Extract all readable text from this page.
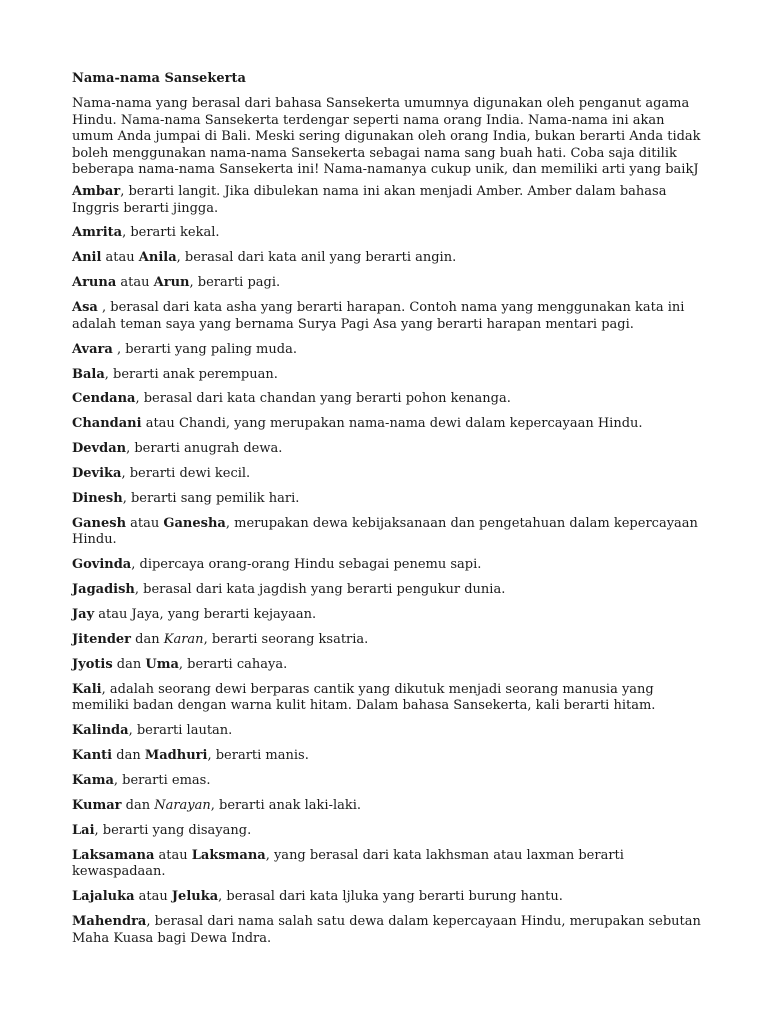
Nama-nama Sansekerta

Nama-nama yang berasal dari bahasa Sansekerta umumnya digunakan oleh penganut agama Hindu. Nama-nama Sansekerta terdengar seperti nama orang India. Nama-nama ini akan umum Anda jumpai di Bali. Meski sering digunakan oleh orang India, bukan berarti Anda tidak boleh menggunakan nama-nama Sansekerta sebagai nama sang buah hati. Coba saja ditilik beberapa nama-nama Sansekerta ini! Nama-namanya cukup unik, dan memiliki arti yang baikJ

Ambar, berarti langit. Jika dibulekan nama ini akan menjadi Amber. Amber dalam bahasa Inggris berarti jingga.

Amrita, berarti kekal.

Anil atau Anila, berasal dari kata anil yang berarti angin.

Aruna atau Arun, berarti pagi.

Asa , berasal dari kata asha yang berarti harapan. Contoh nama yang menggunakan kata ini adalah teman saya yang bernama Surya Pagi Asa yang berarti harapan mentari pagi.

Avara , berarti yang paling muda.

Bala, berarti anak perempuan.

Cendana, berasal dari kata chandan yang berarti pohon kenanga.

Chandani atau Chandi, yang merupakan nama-nama dewi dalam kepercayaan Hindu.

Devdan, berarti anugrah dewa.

Devika, berarti dewi kecil.

Dinesh, berarti sang pemilik hari.

Ganesh atau Ganesha, merupakan dewa kebijaksanaan dan pengetahuan dalam kepercayaan Hindu.

Govinda, dipercaya orang-orang Hindu sebagai penemu sapi.

Jagadish, berasal dari kata jagdish yang berarti pengukur dunia.

Jay atau Jaya, yang berarti kejayaan.

Jitender dan Karan, berarti seorang ksatria.

Jyotis dan Uma, berarti cahaya.

Kali, adalah seorang dewi berparas cantik yang dikutuk menjadi seorang manusia yang memiliki badan dengan warna kulit hitam. Dalam bahasa Sansekerta, kali berarti hitam.

Kalinda, berarti lautan.

Kanti dan Madhuri, berarti manis.

Kama, berarti emas.

Kumar dan Narayan, berarti anak laki-laki.

Lai, berarti yang disayang.

Laksamana atau Laksmana, yang berasal dari kata lakhsman atau laxman berarti kewaspadaan.

Lajaluka atau Jeluka, berasal dari kata ljluka yang berarti burung hantu.

Mahendra, berasal dari nama salah satu dewa dalam kepercayaan Hindu, merupakan sebutan Maha Kuasa bagi Dewa Indra.
